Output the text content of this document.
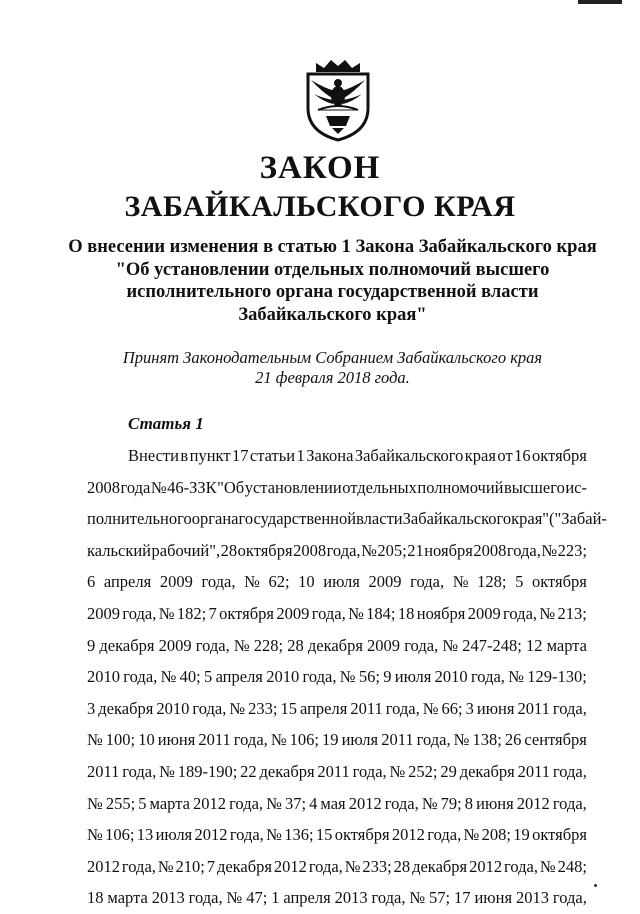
ЗАКОН
ЗАБАЙКАЛЬСКОГО КРАЯ
О внесении изменения в статью 1 Закона Забайкальского края
"Об установлении отдельных полномочий высшего
исполнительного органа государственной власти
Забайкальского края"
Принят Законодательным Собранием Забайкальского края
21 февраля 2018 года.
Статья 1
Внести в пункт 17 статьи 1 Закона Забайкальского края от 16 октября
2008 года № 46-ЗЗК "Об установлении отдельных полномочий высшего ис-
полнительного органа государственной власти Забайкальского края" ("Забай-
кальский рабочий", 28 октября 2008 года, № 205; 21 ноября 2008 года, № 223;
6 апреля 2009 года, № 62; 10 июля 2009 года, № 128; 5 октября
2009 года, № 182; 7 октября 2009 года, № 184; 18 ноября 2009 года, № 213;
9 декабря 2009 года, № 228; 28 декабря 2009 года, № 247-248; 12 марта
2010 года, № 40; 5 апреля 2010 года, № 56; 9 июля 2010 года, № 129-130;
3 декабря 2010 года, № 233; 15 апреля 2011 года, № 66; 3 июня 2011 года,
№ 100; 10 июня 2011 года, № 106; 19 июля 2011 года, № 138; 26 сентября
2011 года, № 189-190; 22 декабря 2011 года, № 252; 29 декабря 2011 года,
№ 255; 5 марта 2012 года, № 37; 4 мая 2012 года, № 79; 8 июня 2012 года,
№ 106; 13 июля 2012 года, № 136; 15 октября 2012 года, № 208; 19 октября
2012 года, № 210; 7 декабря 2012 года, № 233; 28 декабря 2012 года, № 248;
18 марта 2013 года, № 47; 1 апреля 2013 года, № 57; 17 июня 2013 года,
